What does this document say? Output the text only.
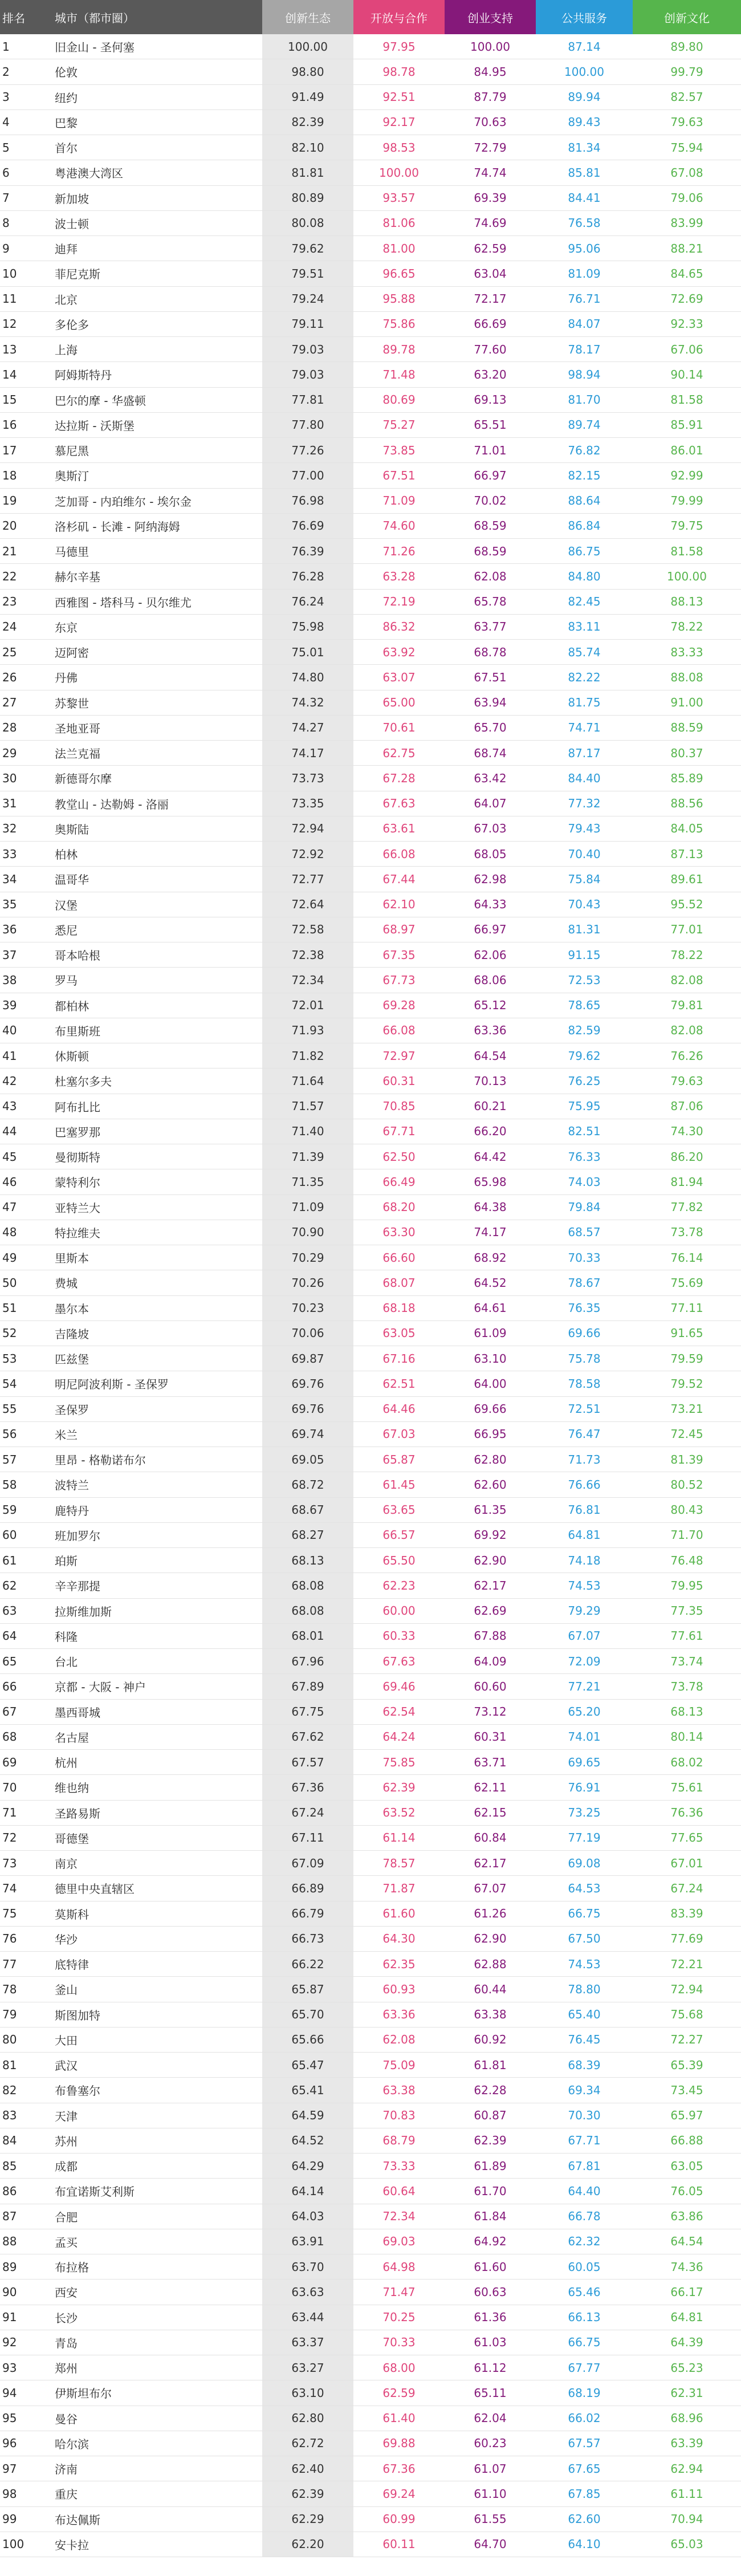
排名	城市（都市圈）	创新生态	开放与合作	创业支持	公共服务	创新文化
1	旧金山 - 圣何塞	100.00	97.95	100.00	87.14	89.80
2	伦敦	98.80	98.78	84.95	100.00	99.79
3	纽约	91.49	92.51	87.79	89.94	82.57
4	巴黎	82.39	92.17	70.63	89.43	79.63
5	首尔	82.10	98.53	72.79	81.34	75.94
6	粤港澳大湾区	81.81	100.00	74.74	85.81	67.08
7	新加坡	80.89	93.57	69.39	84.41	79.06
8	波士顿	80.08	81.06	74.69	76.58	83.99
9	迪拜	79.62	81.00	62.59	95.06	88.21
10	菲尼克斯	79.51	96.65	63.04	81.09	84.65
11	北京	79.24	95.88	72.17	76.71	72.69
12	多伦多	79.11	75.86	66.69	84.07	92.33
13	上海	79.03	89.78	77.60	78.17	67.06
14	阿姆斯特丹	79.03	71.48	63.20	98.94	90.14
15	巴尔的摩 - 华盛顿	77.81	80.69	69.13	81.70	81.58
16	达拉斯 - 沃斯堡	77.80	75.27	65.51	89.74	85.91
17	慕尼黑	77.26	73.85	71.01	76.82	86.01
18	奥斯汀	77.00	67.51	66.97	82.15	92.99
19	芝加哥 - 内珀维尔 - 埃尔金	76.98	71.09	70.02	88.64	79.99
20	洛杉矶 - 长滩 - 阿纳海姆	76.69	74.60	68.59	86.84	79.75
21	马德里	76.39	71.26	68.59	86.75	81.58
22	赫尔辛基	76.28	63.28	62.08	84.80	100.00
23	西雅图 - 塔科马 - 贝尔维尤	76.24	72.19	65.78	82.45	88.13
24	东京	75.98	86.32	63.77	83.11	78.22
25	迈阿密	75.01	63.92	68.78	85.74	83.33
26	丹佛	74.80	63.07	67.51	82.22	88.08
27	苏黎世	74.32	65.00	63.94	81.75	91.00
28	圣地亚哥	74.27	70.61	65.70	74.71	88.59
29	法兰克福	74.17	62.75	68.74	87.17	80.37
30	新德哥尔摩	73.73	67.28	63.42	84.40	85.89
31	教堂山 - 达勒姆 - 洛丽	73.35	67.63	64.07	77.32	88.56
32	奥斯陆	72.94	63.61	67.03	79.43	84.05
33	柏林	72.92	66.08	68.05	70.40	87.13
34	温哥华	72.77	67.44	62.98	75.84	89.61
35	汉堡	72.64	62.10	64.33	70.43	95.52
36	悉尼	72.58	68.97	66.97	81.31	77.01
37	哥本哈根	72.38	67.35	62.06	91.15	78.22
38	罗马	72.34	67.73	68.06	72.53	82.08
39	都柏林	72.01	69.28	65.12	78.65	79.81
40	布里斯班	71.93	66.08	63.36	82.59	82.08
41	休斯顿	71.82	72.97	64.54	79.62	76.26
42	杜塞尔多夫	71.64	60.31	70.13	76.25	79.63
43	阿布扎比	71.57	70.85	60.21	75.95	87.06
44	巴塞罗那	71.40	67.71	66.20	82.51	74.30
45	曼彻斯特	71.39	62.50	64.42	76.33	86.20
46	蒙特利尔	71.35	66.49	65.98	74.03	81.94
47	亚特兰大	71.09	68.20	64.38	79.84	77.82
48	特拉维夫	70.90	63.30	74.17	68.57	73.78
49	里斯本	70.29	66.60	68.92	70.33	76.14
50	费城	70.26	68.07	64.52	78.67	75.69
51	墨尔本	70.23	68.18	64.61	76.35	77.11
52	吉隆坡	70.06	63.05	61.09	69.66	91.65
53	匹兹堡	69.87	67.16	63.10	75.78	79.59
54	明尼阿波利斯 - 圣保罗	69.76	62.51	64.00	78.58	79.52
55	圣保罗	69.76	64.46	69.66	72.51	73.21
56	米兰	69.74	67.03	66.95	76.47	72.45
57	里昂 - 格勒诺布尔	69.05	65.87	62.80	71.73	81.39
58	波特兰	68.72	61.45	62.60	76.66	80.52
59	鹿特丹	68.67	63.65	61.35	76.81	80.43
60	班加罗尔	68.27	66.57	69.92	64.81	71.70
61	珀斯	68.13	65.50	62.90	74.18	76.48
62	辛辛那提	68.08	62.23	62.17	74.53	79.95
63	拉斯维加斯	68.08	60.00	62.69	79.29	77.35
64	科隆	68.01	60.33	67.88	67.07	77.61
65	台北	67.96	67.63	64.09	72.09	73.74
66	京都 - 大阪 - 神户	67.89	69.46	60.60	77.21	73.78
67	墨西哥城	67.75	62.54	73.12	65.20	68.13
68	名古屋	67.62	64.24	60.31	74.01	80.14
69	杭州	67.57	75.85	63.71	69.65	68.02
70	维也纳	67.36	62.39	62.11	76.91	75.61
71	圣路易斯	67.24	63.52	62.15	73.25	76.36
72	哥德堡	67.11	61.14	60.84	77.19	77.65
73	南京	67.09	78.57	62.17	69.08	67.01
74	德里中央直辖区	66.89	71.87	67.07	64.53	67.24
75	莫斯科	66.79	61.60	61.26	66.75	83.39
76	华沙	66.73	64.30	62.90	67.50	77.69
77	底特律	66.22	62.35	62.88	74.53	72.21
78	釜山	65.87	60.93	60.44	78.80	72.94
79	斯图加特	65.70	63.36	63.38	65.40	75.68
80	大田	65.66	62.08	60.92	76.45	72.27
81	武汉	65.47	75.09	61.81	68.39	65.39
82	布鲁塞尔	65.41	63.38	62.28	69.34	73.45
83	天津	64.59	70.83	60.87	70.30	65.97
84	苏州	64.52	68.79	62.39	67.71	66.88
85	成都	64.29	73.33	61.89	67.81	63.05
86	布宜诺斯艾利斯	64.14	60.64	61.70	64.40	76.05
87	合肥	64.03	72.34	61.84	66.78	63.86
88	孟买	63.91	69.03	64.92	62.32	64.54
89	布拉格	63.70	64.98	61.60	60.05	74.36
90	西安	63.63	71.47	60.63	65.46	66.17
91	长沙	63.44	70.25	61.36	66.13	64.81
92	青岛	63.37	70.33	61.03	66.75	64.39
93	郑州	63.27	68.00	61.12	67.77	65.23
94	伊斯坦布尔	63.10	62.59	65.11	68.19	62.31
95	曼谷	62.80	61.40	62.04	66.02	68.96
96	哈尔滨	62.72	69.88	60.23	67.57	63.39
97	济南	62.40	67.36	61.07	67.65	62.94
98	重庆	62.39	69.24	61.10	67.85	61.11
99	布达佩斯	62.29	60.99	61.55	62.60	70.94
100	安卡拉	62.20	60.11	64.70	64.10	65.03
